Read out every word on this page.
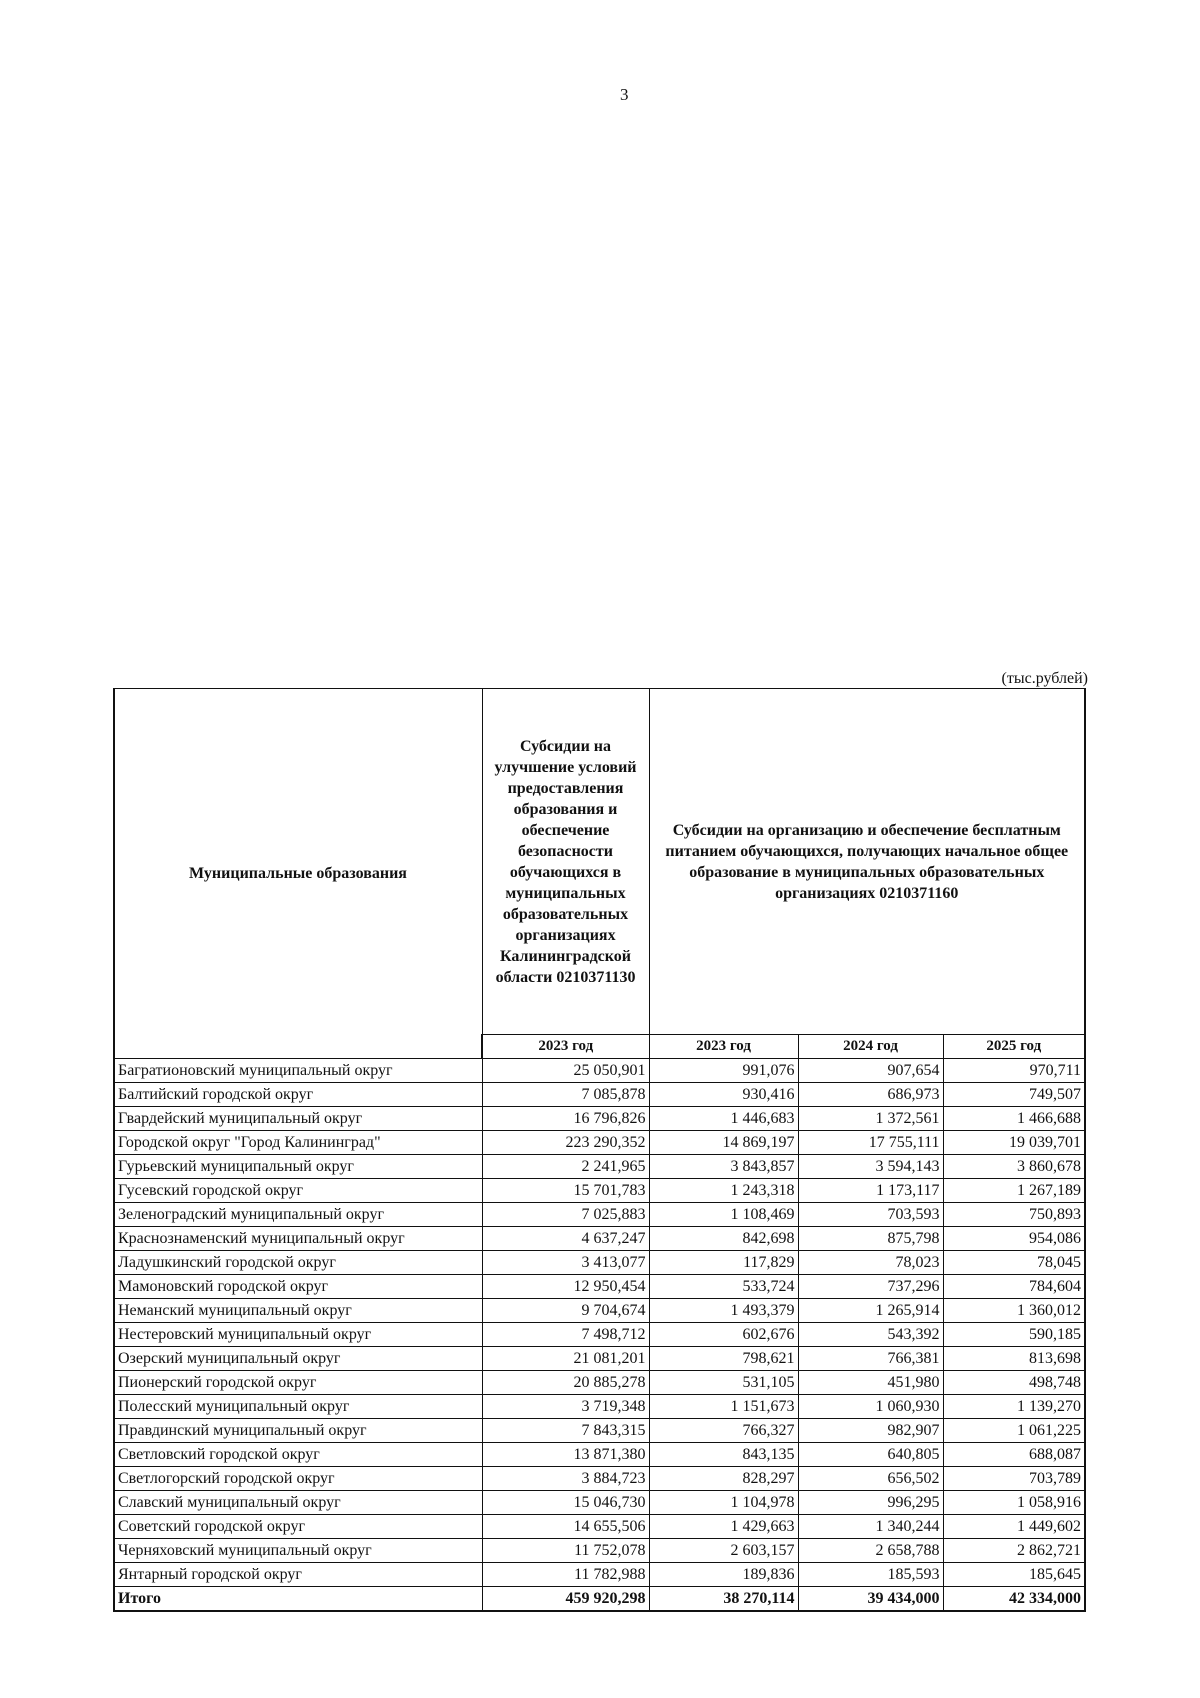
3
(тыс.рублей)
Муниципальные образования	Субсидии на улучшение условий предоставления образования и обеспечение безопасности обучающихся в муниципальных образовательных организациях Калининградской области 0210371130	Субсидии на организацию и обеспечение бесплатным питанием обучающихся, получающих начальное общее образование в муниципальных образовательных организациях 0210371160		
	2023 год	2023 год	2024 год	2025 год
Багратионовский муниципальный округ	25 050,901	991,076	907,654	970,711
Балтийский городской округ	7 085,878	930,416	686,973	749,507
Гвардейский муниципальный округ	16 796,826	1 446,683	1 372,561	1 466,688
Городской округ "Город Калининград"	223 290,352	14 869,197	17 755,111	19 039,701
Гурьевский муниципальный округ	2 241,965	3 843,857	3 594,143	3 860,678
Гусевский городской округ	15 701,783	1 243,318	1 173,117	1 267,189
Зеленоградский муниципальный округ	7 025,883	1 108,469	703,593	750,893
Краснознаменский муниципальный округ	4 637,247	842,698	875,798	954,086
Ладушкинский городской округ	3 413,077	117,829	78,023	78,045
Мамоновский городской округ	12 950,454	533,724	737,296	784,604
Неманский муниципальный округ	9 704,674	1 493,379	1 265,914	1 360,012
Нестеровский муниципальный округ	7 498,712	602,676	543,392	590,185
Озерский муниципальный округ	21 081,201	798,621	766,381	813,698
Пионерский городской округ	20 885,278	531,105	451,980	498,748
Полесский муниципальный округ	3 719,348	1 151,673	1 060,930	1 139,270
Правдинский муниципальный округ	7 843,315	766,327	982,907	1 061,225
Светловский городской округ	13 871,380	843,135	640,805	688,087
Светлогорский городской округ	3 884,723	828,297	656,502	703,789
Славский муниципальный округ	15 046,730	1 104,978	996,295	1 058,916
Советский городской округ	14 655,506	1 429,663	1 340,244	1 449,602
Черняховский муниципальный округ	11 752,078	2 603,157	2 658,788	2 862,721
Янтарный городской округ	11 782,988	189,836	185,593	185,645
Итого	459 920,298	38 270,114	39 434,000	42 334,000
